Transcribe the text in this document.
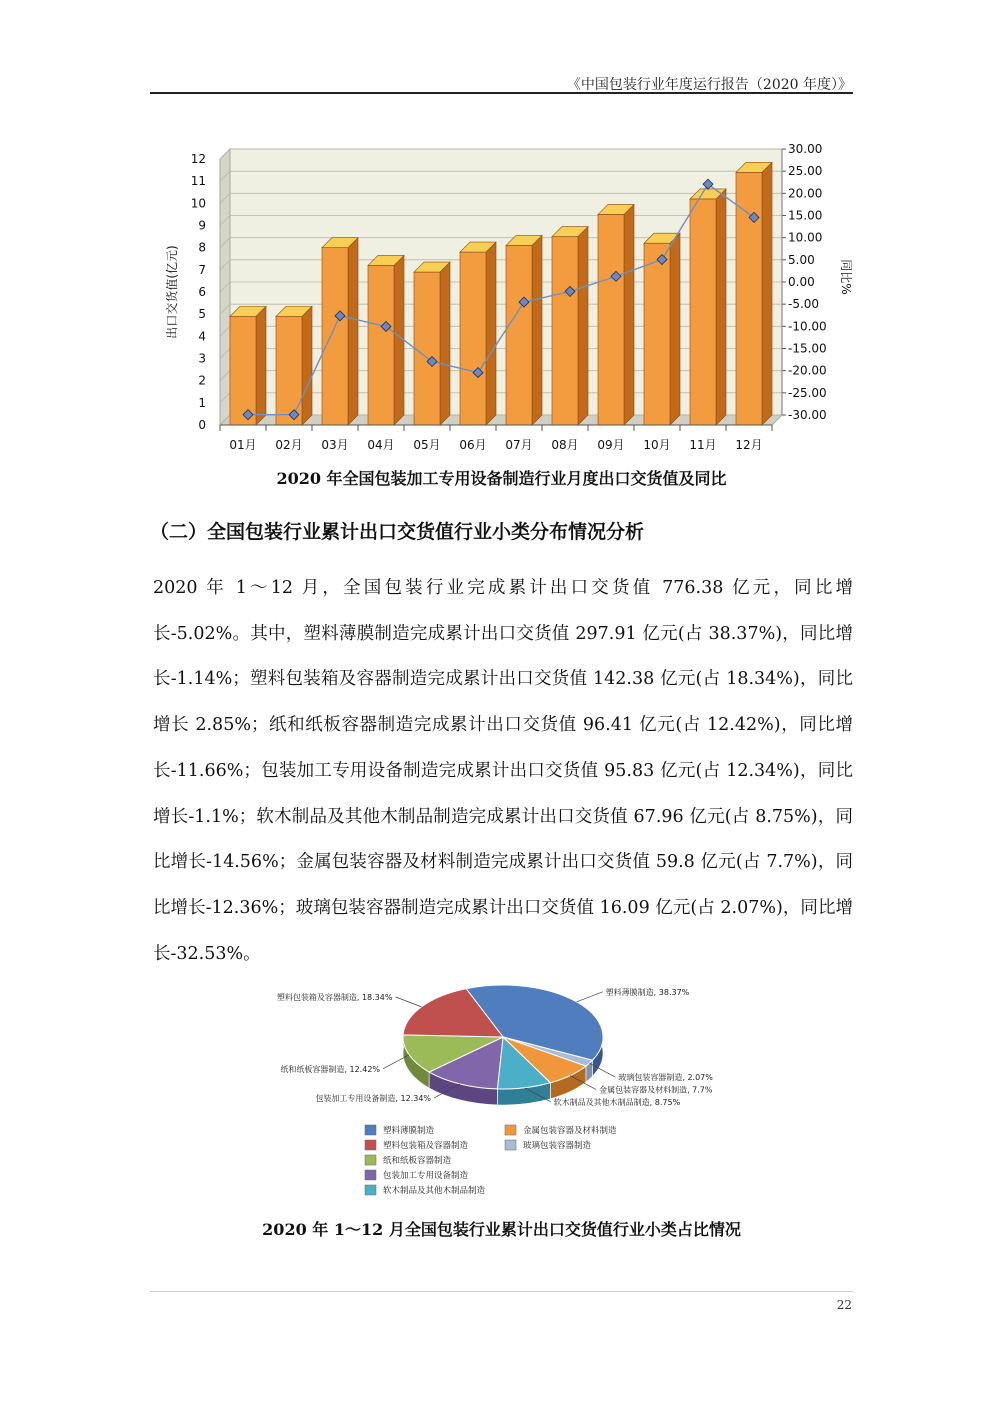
《中国包装行业年度运行报告（2020 年度）》
0
1
2
3
4
5
6
7
8
9
10
11
12
-30.00
-25.00
-20.00
-15.00
-10.00
-5.00
0.00
5.00
10.00
15.00
20.00
25.00
30.00
01月 02月 03月 04月 05月 06月 07月 08月 09月 10月 11月 12月
出口交货值(亿元)	同比%
2020 年全国包装加工专用设备制造行业月度出口交货值及同比
（二）全国包装行业累计出口交货值行业小类分布情况分析

2020 年 1～12 月，全国包装行业完成累计出口交货值 776.38 亿元，同比增长-5.02%。其中，塑料薄膜制造完成累计出口交货值 297.91 亿元(占 38.37%)，同比增长-1.14%；塑料包装箱及容器制造完成累计出口交货值 142.38 亿元(占 18.34%)，同比增长 2.85%；纸和纸板容器制造完成累计出口交货值 96.41 亿元(占 12.42%)，同比增长-11.66%；包装加工专用设备制造完成累计出口交货值 95.83 亿元(占 12.34%)，同比增长-1.1%；软木制品及其他木制品制造完成累计出口交货值 67.96 亿元(占 8.75%)，同比增长-14.56%；金属包装容器及材料制造完成累计出口交货值 59.8 亿元(占 7.7%)，同比增长-12.36%；玻璃包装容器制造完成累计出口交货值 16.09 亿元(占 2.07%)，同比增长-32.53%。

塑料薄膜制造, 38.37%
玻璃包装容器制造, 2.07%
金属包装容器及材料制造, 7.7%
软木制品及其他木制品制造, 8.75%
包装加工专用设备制造, 12.34%
纸和纸板容器制造, 12.42%
塑料包装箱及容器制造, 18.34%
塑料薄膜制造	金属包装容器及材料制造
塑料包装箱及容器制造	玻璃包装容器制造
纸和纸板容器制造
包装加工专用设备制造
软木制品及其他木制品制造
2020 年 1～12 月全国包装行业累计出口交货值行业小类占比情况
22
